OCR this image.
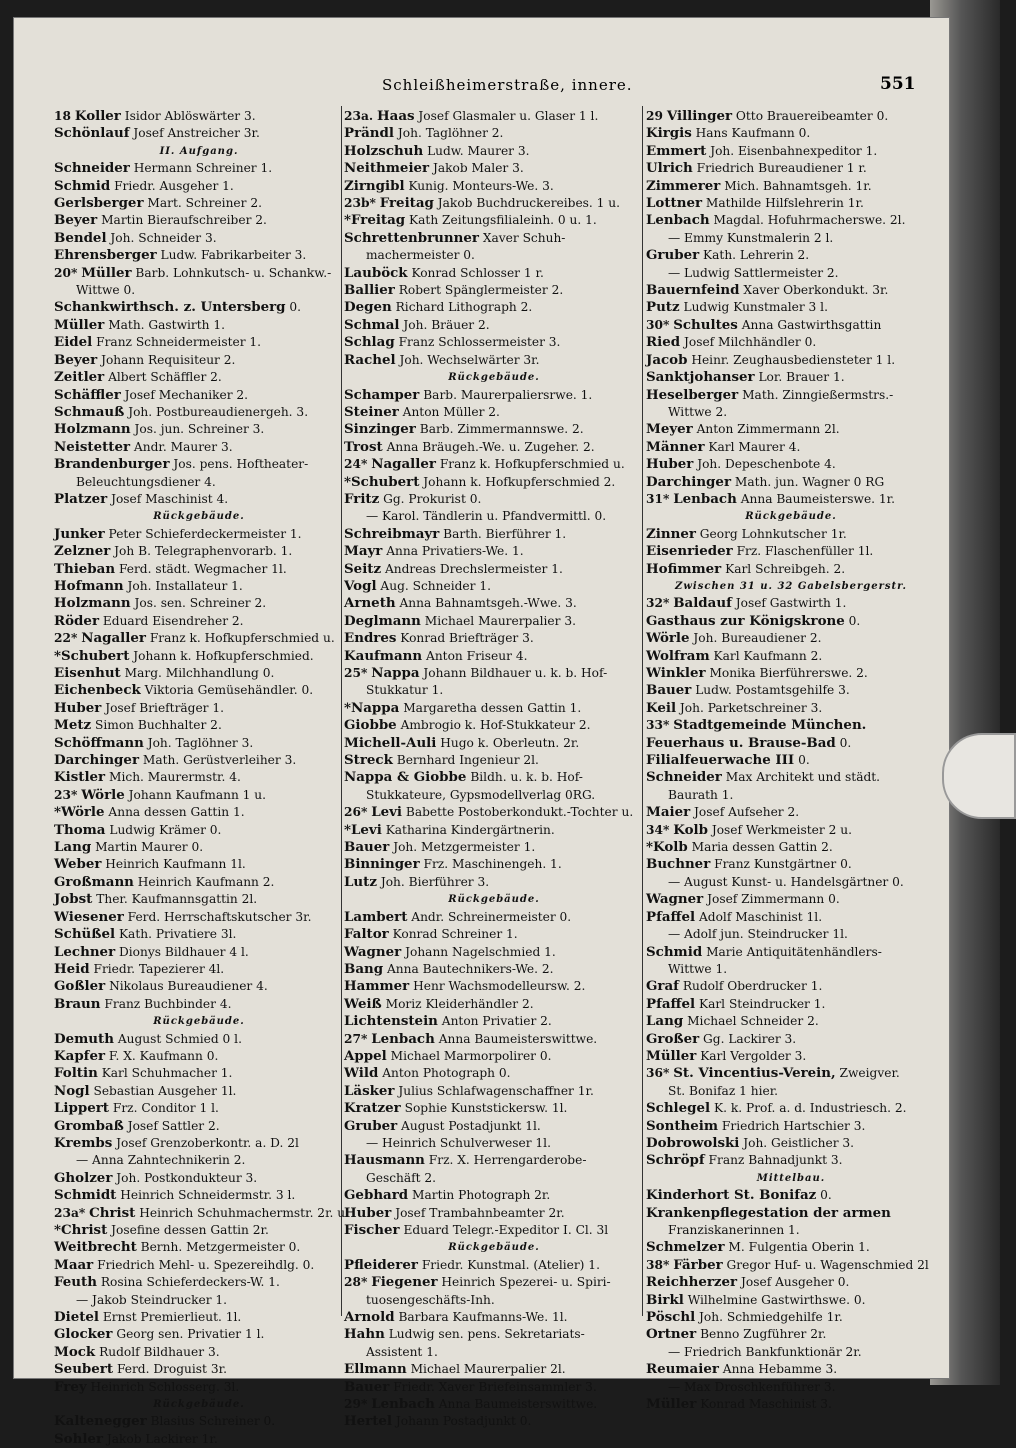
Schleißheimerstraße, innere.	551
18 Koller Isidor Ablöswärter 3.
Schönlauf Josef Anstreicher 3r.
II. Aufgang.
Schneider Hermann Schreiner 1.
Schmid Friedr. Ausgeher 1.
Gerlsberger Mart. Schreiner 2.
Beyer Martin Bieraufschreiber 2.
Bendel Joh. Schneider 3.
Ehrensberger Ludw. Fabrikarbeiter 3.
20* Müller Barb. Lohnkutsch- u. Schankw.-
Wittwe 0.
Schankwirthsch. z. Untersberg 0.
Müller Math. Gastwirth 1.
Eidel Franz Schneidermeister 1.
Beyer Johann Requisiteur 2.
Zeitler Albert Schäffler 2.
Schäffler Josef Mechaniker 2.
Schmauß Joh. Postbureaudienergeh. 3.
Holzmann Jos. jun. Schreiner 3.
Neistetter Andr. Maurer 3.
Brandenburger Jos. pens. Hoftheater-
Beleuchtungsdiener 4.
Platzer Josef Maschinist 4.
Rückgebäude.
Junker Peter Schieferdeckermeister 1.
Zelzner Joh B. Telegraphenvorarb. 1.
Thieban Ferd. städt. Wegmacher 1l.
Hofmann Joh. Installateur 1.
Holzmann Jos. sen. Schreiner 2.
Röder Eduard Eisendreher 2.
22* Nagaller Franz k. Hofkupferschmied u.
*Schubert Johann k. Hofkupferschmied.
Eisenhut Marg. Milchhandlung 0.
Eichenbeck Viktoria Gemüsehändler. 0.
Huber Josef Briefträger 1.
Metz Simon Buchhalter 2.
Schöffmann Joh. Taglöhner 3.
Darchinger Math. Gerüstverleiher 3.
Kistler Mich. Maurermstr. 4.
23* Wörle Johann Kaufmann 1 u.
*Wörle Anna dessen Gattin 1.
Thoma Ludwig Krämer 0.
Lang Martin Maurer 0.
Weber Heinrich Kaufmann 1l.
Großmann Heinrich Kaufmann 2.
Jobst Ther. Kaufmannsgattin 2l.
Wiesener Ferd. Herrschaftskutscher 3r.
Schüßel Kath. Privatiere 3l.
Lechner Dionys Bildhauer 4 l.
Heid Friedr. Tapezierer 4l.
Goßler Nikolaus Bureaudiener 4.
Braun Franz Buchbinder 4.
Rückgebäude.
Demuth August Schmied 0 l.
Kapfer F. X. Kaufmann 0.
Foltin Karl Schuhmacher 1.
Nogl Sebastian Ausgeher 1l.
Lippert Frz. Conditor 1 l.
Grombaß Josef Sattler 2.
Krembs Josef Grenzoberkontr. a. D. 2l
— Anna Zahntechnikerin 2.
Gholzer Joh. Postkondukteur 3.
Schmidt Heinrich Schneidermstr. 3 l.
23a* Christ Heinrich Schuhmachermstr. 2r. u.
*Christ Josefine dessen Gattin 2r.
Weitbrecht Bernh. Metzgermeister 0.
Maar Friedrich Mehl- u. Spezereihdlg. 0.
Feuth Rosina Schieferdeckers-W. 1.
— Jakob Steindrucker 1.
Dietel Ernst Premierlieut. 1l.
Glocker Georg sen. Privatier 1 l.
Mock Rudolf Bildhauer 3.
Seubert Ferd. Droguist 3r.
Frey Heinrich Schlosserg. 3l.
Rückgebäude.
Kaltenegger Blasius Schreiner 0.
Sohler Jakob Lackirer 1r.
23a. Haas Josef Glasmaler u. Glaser 1 l.
Prändl Joh. Taglöhner 2.
Holzschuh Ludw. Maurer 3.
Neithmeier Jakob Maler 3.
Zirngibl Kunig. Monteurs-We. 3.
23b* Freitag Jakob Buchdruckereibes. 1 u.
*Freitag Kath Zeitungsfilialeinh. 0 u. 1.
Schrettenbrunner Xaver Schuh-
machermeister 0.
Lauböck Konrad Schlosser 1 r.
Ballier Robert Spänglermeister 2.
Degen Richard Lithograph 2.
Schmal Joh. Bräuer 2.
Schlag Franz Schlossermeister 3.
Rachel Joh. Wechselwärter 3r.
Rückgebäude.
Schamper Barb. Maurerpaliersrwe. 1.
Steiner Anton Müller 2.
Sinzinger Barb. Zimmermannswe. 2.
Trost Anna Bräugeh.-We. u. Zugeher. 2.
24* Nagaller Franz k. Hofkupferschmied u.
*Schubert Johann k. Hofkupferschmied 2.
Fritz Gg. Prokurist 0.
— Karol. Tändlerin u. Pfandvermittl. 0.
Schreibmayr Barth. Bierführer 1.
Mayr Anna Privatiers-We. 1.
Seitz Andreas Drechslermeister 1.
Vogl Aug. Schneider 1.
Arneth Anna Bahnamtsgeh.-Wwe. 3.
Deglmann Michael Maurerpalier 3.
Endres Konrad Briefträger 3.
Kaufmann Anton Friseur 4.
25* Nappa Johann Bildhauer u. k. b. Hof-
Stukkatur 1.
*Nappa Margaretha dessen Gattin 1.
Giobbe Ambrogio k. Hof-Stukkateur 2.
Michell-Auli Hugo k. Oberleutn. 2r.
Streck Bernhard Ingenieur 2l.
Nappa & Giobbe Bildh. u. k. b. Hof-
Stukkateure, Gypsmodellverlag 0RG.
26* Levi Babette Postoberkondukt.-Tochter u.
*Levi Katharina Kindergärtnerin.
Bauer Joh. Metzgermeister 1.
Binninger Frz. Maschinengeh. 1.
Lutz Joh. Bierführer 3.
Rückgebäude.
Lambert Andr. Schreinermeister 0.
Faltor Konrad Schreiner 1.
Wagner Johann Nagelschmied 1.
Bang Anna Bautechnikers-We. 2.
Hammer Henr Wachsmodelleursw. 2.
Weiß Moriz Kleiderhändler 2.
Lichtenstein Anton Privatier 2.
27* Lenbach Anna Baumeisterswittwe.
Appel Michael Marmorpolirer 0.
Wild Anton Photograph 0.
Läsker Julius Schlafwagenschaffner 1r.
Kratzer Sophie Kunststickersw. 1l.
Gruber August Postadjunkt 1l.
— Heinrich Schulverweser 1l.
Hausmann Frz. X. Herrengarderobe-
Geschäft 2.
Gebhard Martin Photograph 2r.
Huber Josef Trambahnbeamter 2r.
Fischer Eduard Telegr.-Expeditor I. Cl. 3l
Rückgebäude.
Pfleiderer Friedr. Kunstmal. (Atelier) 1.
28* Fiegener Heinrich Spezerei- u. Spiri-
tuosengeschäfts-Inh.
Arnold Barbara Kaufmanns-We. 1l.
Hahn Ludwig sen. pens. Sekretariats-
Assistent 1.
Ellmann Michael Maurerpalier 2l.
Bauer Friedr. Xaver Briefeinsammler 3.
29* Lenbach Anna Baumeisterswittwe.
Hertel Johann Postadjunkt 0.
29 Villinger Otto Brauereibeamter 0.
Kirgis Hans Kaufmann 0.
Emmert Joh. Eisenbahnexpeditor 1.
Ulrich Friedrich Bureaudiener 1 r.
Zimmerer Mich. Bahnamtsgeh. 1r.
Lottner Mathilde Hilfslehrerin 1r.
Lenbach Magdal. Hofuhrmacherswe. 2l.
— Emmy Kunstmalerin 2 l.
Gruber Kath. Lehrerin 2.
— Ludwig Sattlermeister 2.
Bauernfeind Xaver Oberkondukt. 3r.
Putz Ludwig Kunstmaler 3 l.
30* Schultes Anna Gastwirthsgattin
Ried Josef Milchhändler 0.
Jacob Heinr. Zeughausbediensteter 1 l.
Sanktjohanser Lor. Brauer 1.
Heselberger Math. Zinngießermstrs.-
Wittwe 2.
Meyer Anton Zimmermann 2l.
Männer Karl Maurer 4.
Huber Joh. Depeschenbote 4.
Darchinger Math. jun. Wagner 0 RG
31* Lenbach Anna Baumeisterswe. 1r.
Rückgebäude.
Zinner Georg Lohnkutscher 1r.
Eisenrieder Frz. Flaschenfüller 1l.
Hofimmer Karl Schreibgeh. 2.
Zwischen 31 u. 32 Gabelsbergerstr.
32* Baldauf Josef Gastwirth 1.
Gasthaus zur Königskrone 0.
Wörle Joh. Bureaudiener 2.
Wolfram Karl Kaufmann 2.
Winkler Monika Bierführerswe. 2.
Bauer Ludw. Postamtsgehilfe 3.
Keil Joh. Parketschreiner 3.
33* Stadtgemeinde München.
Feuerhaus u. Brause-Bad 0.
Filialfeuerwache III 0.
Schneider Max Architekt und städt.
Baurath 1.
Maier Josef Aufseher 2.
34* Kolb Josef Werkmeister 2 u.
*Kolb Maria dessen Gattin 2.
Buchner Franz Kunstgärtner 0.
— August Kunst- u. Handelsgärtner 0.
Wagner Josef Zimmermann 0.
Pfaffel Adolf Maschinist 1l.
— Adolf jun. Steindrucker 1l.
Schmid Marie Antiquitätenhändlers-
Wittwe 1.
Graf Rudolf Oberdrucker 1.
Pfaffel Karl Steindrucker 1.
Lang Michael Schneider 2.
Großer Gg. Lackirer 3.
Müller Karl Vergolder 3.
36* St. Vincentius-Verein, Zweigver.
St. Bonifaz 1 hier.
Schlegel K. k. Prof. a. d. Industriesch. 2.
Sontheim Friedrich Hartschier 3.
Dobrowolski Joh. Geistlicher 3.
Schröpf Franz Bahnadjunkt 3.
Mittelbau.
Kinderhort St. Bonifaz 0.
Krankenpflegestation der armen
Franziskanerinnen 1.
Schmelzer M. Fulgentia Oberin 1.
38* Färber Gregor Huf- u. Wagenschmied 2l
Reichherzer Josef Ausgeher 0.
Birkl Wilhelmine Gastwirthswe. 0.
Pöschl Joh. Schmiedgehilfe 1r.
Ortner Benno Zugführer 2r.
— Friedrich Bankfunktionär 2r.
Reumaier Anna Hebamme 3.
— Max Droschkenführer 3.
Müller Konrad Maschinist 3.
